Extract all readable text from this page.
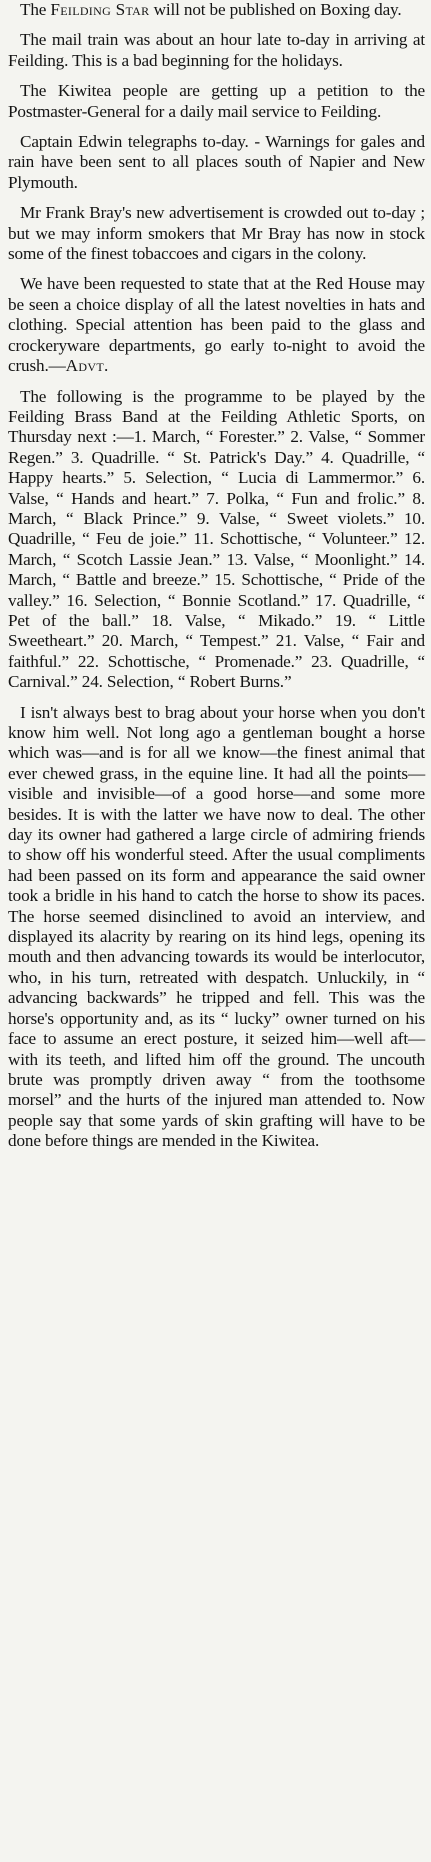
The Feilding Star will not be published on Boxing day.

The mail train was about an hour late to-day in arriving at Feilding. This is a bad beginning for the holidays.

The Kiwitea people are getting up a petition to the Postmaster-General for a daily mail service to Feilding.

Captain Edwin telegraphs to-day. - Warnings for gales and rain have been sent to all places south of Napier and New Plymouth.

Mr Frank Bray's new advertisement is crowded out to-day ; but we may inform smokers that Mr Bray has now in stock some of the finest tobaccoes and cigars in the colony.

We have been requested to state that at the Red House may be seen a choice display of all the latest novelties in hats and clothing. Special attention has been paid to the glass and crockeryware departments, go early to-night to avoid the crush.—Advt.

The following is the programme to be played by the Feilding Brass Band at the Feilding Athletic Sports, on Thursday next :—1. March, “ Forester.” 2. Valse, “ Sommer Regen.” 3. Quadrille. “ St. Patrick's Day.” 4. Quadrille, “ Happy hearts.” 5. Selection, “ Lucia di Lammermor.” 6. Valse, “ Hands and heart.” 7. Polka, “ Fun and frolic.” 8. March, “ Black Prince.” 9. Valse, “ Sweet violets.” 10. Quadrille, “ Feu de joie.” 11. Schottische, “ Volunteer.” 12. March, “ Scotch Lassie Jean.” 13. Valse, “ Moonlight.” 14. March, “ Battle and breeze.” 15. Schottische, “ Pride of the valley.” 16. Selection, “ Bonnie Scotland.” 17. Quadrille, “ Pet of the ball.” 18. Valse, “ Mikado.” 19. “ Little Sweetheart.” 20. March, “ Tempest.” 21. Valse, “ Fair and faithful.” 22. Schottische, “ Promenade.” 23. Quadrille, “ Carnival.” 24. Selection, “ Robert Burns.”

I isn't always best to brag about your horse when you don't know him well. Not long ago a gentleman bought a horse which was—and is for all we know—the finest animal that ever chewed grass, in the equine line. It had all the points—visible and invisible—of a good horse—and some more besides. It is with the latter we have now to deal. The other day its owner had gathered a large circle of admiring friends to show off his wonderful steed. After the usual compliments had been passed on its form and appearance the said owner took a bridle in his hand to catch the horse to show its paces. The horse seemed disinclined to avoid an interview, and displayed its alacrity by rearing on its hind legs, opening its mouth and then advancing towards its would be interlocutor, who, in his turn, retreated with despatch. Unluckily, in “ advancing backwards” he tripped and fell. This was the horse's opportunity and, as its “ lucky” owner turned on his face to assume an erect posture, it seized him—well aft—with its teeth, and lifted him off the ground. The uncouth brute was promptly driven away “ from the toothsome morsel” and the hurts of the injured man attended to. Now people say that some yards of skin grafting will have to be done before things are mended in the Kiwitea.
